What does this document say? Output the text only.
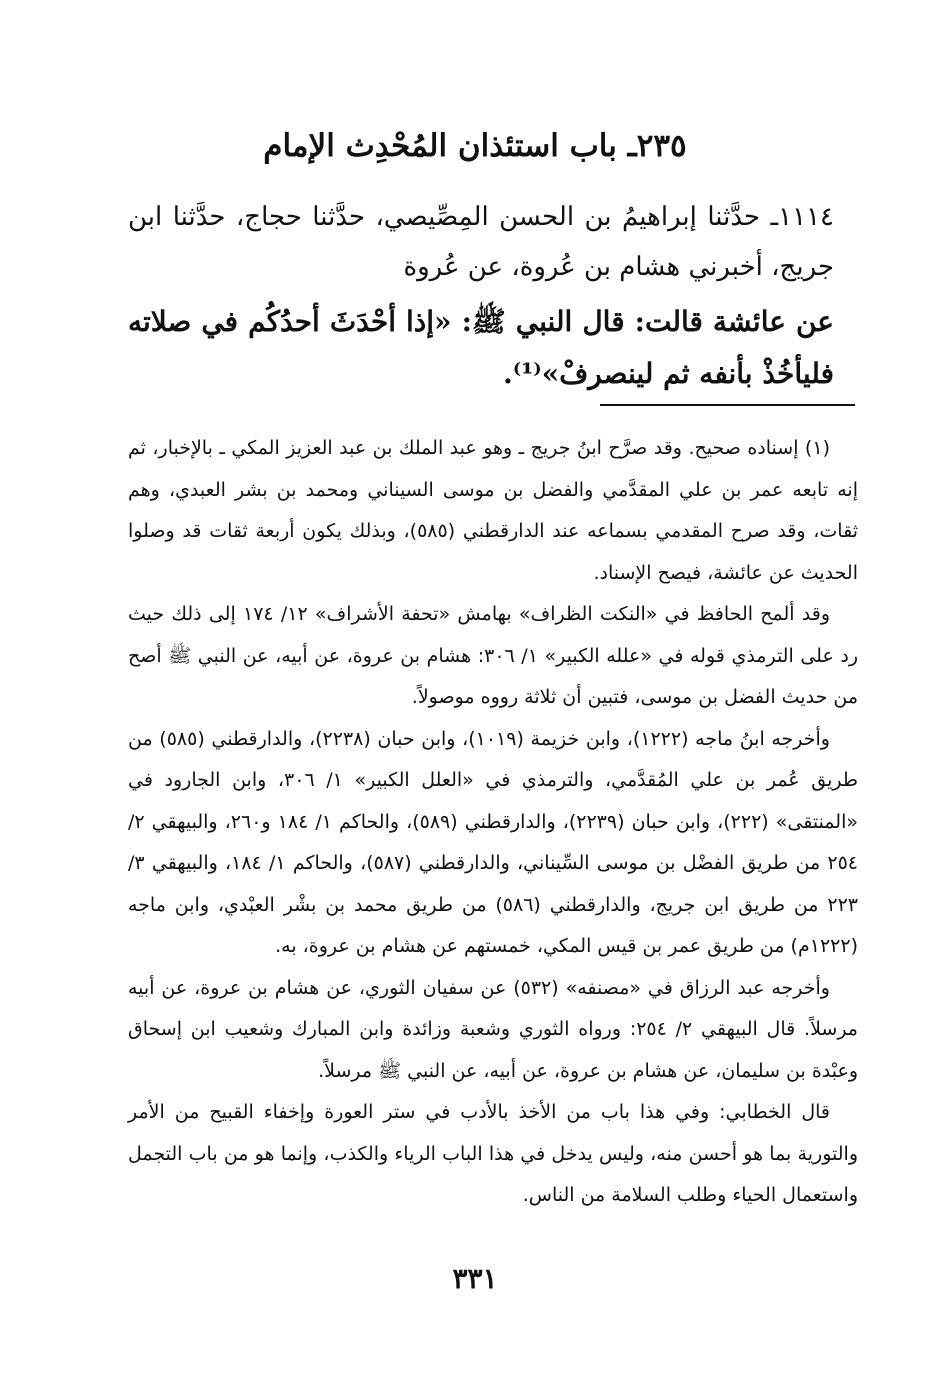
٢٣٥ـ باب استئذان المُحْدِث الإمام

١١١٤ـ حدَّثنا إبراهيمُ بن الحسن المِصِّيصي، حدَّثنا حجاج، حدَّثنا ابن جريج، أخبرني هشام بن عُروة، عن عُروة

عن عائشة قالت: قال النبي ﷺ: «إذا أحْدَثَ أحدُكُم في صلاته فليأخُذْ بأنفه ثم لينصرفْ»⁽¹⁾.

(١) إسناده صحيح. وقد صرَّح ابنُ جريج ـ وهو عبد الملك بن عبد العزيز المكي ـ بالإخبار، ثم إنه تابعه عمر بن علي المقدَّمي والفضل بن موسى السيناني ومحمد بن بشر العبدي، وهم ثقات، وقد صرح المقدمي بسماعه عند الدارقطني (٥٨٥)، وبذلك يكون أربعة ثقات قد وصلوا الحديث عن عائشة، فيصح الإسناد.

وقد ألمح الحافظ في «النكت الظراف» بهامش «تحفة الأشراف» ١٢/ ١٧٤ إلى ذلك حيث رد على الترمذي قوله في «علله الكبير» ١/ ٣٠٦: هشام بن عروة، عن أبيه، عن النبي ﷺ أصح من حديث الفضل بن موسى، فتبين أن ثلاثة رووه موصولاً.

وأخرجه ابنُ ماجه (١٢٢٢)، وابن خزيمة (١٠١٩)، وابن حبان (٢٢٣٨)، والدارقطني (٥٨٥) من طريق عُمر بن علي المُقدَّمي، والترمذي في «العلل الكبير» ١/ ٣٠٦، وابن الجارود في «المنتقى» (٢٢٢)، وابن حبان (٢٢٣٩)، والدارقطني (٥٨٩)، والحاكم ١/ ١٨٤ و٢٦٠، والبيهقي ٢/ ٢٥٤ من طريق الفضْل بن موسى السِّيناني، والدارقطني (٥٨٧)، والحاكم ١/ ١٨٤، والبيهقي ٣/ ٢٢٣ من طريق ابن جريج، والدارقطني (٥٨٦) من طريق محمد بن بشْر العبْدي، وابن ماجه (١٢٢٢م) من طريق عمر بن قيس المكي، خمستهم عن هشام بن عروة، به.

وأخرجه عبد الرزاق في «مصنفه» (٥٣٢) عن سفيان الثوري، عن هشام بن عروة، عن أبيه مرسلاً. قال البيهقي ٢/ ٢٥٤: ورواه الثوري وشعبة وزائدة وابن المبارك وشعيب ابن إسحاق وعبْدة بن سليمان، عن هشام بن عروة، عن أبيه، عن النبي ﷺ مرسلاً.

قال الخطابي: وفي هذا باب من الأخذ بالأدب في ستر العورة وإخفاء القبيح من الأمر والتورية بما هو أحسن منه، وليس يدخل في هذا الباب الرياء والكذب، وإنما هو من باب التجمل واستعمال الحياء وطلب السلامة من الناس.

٣٣١
